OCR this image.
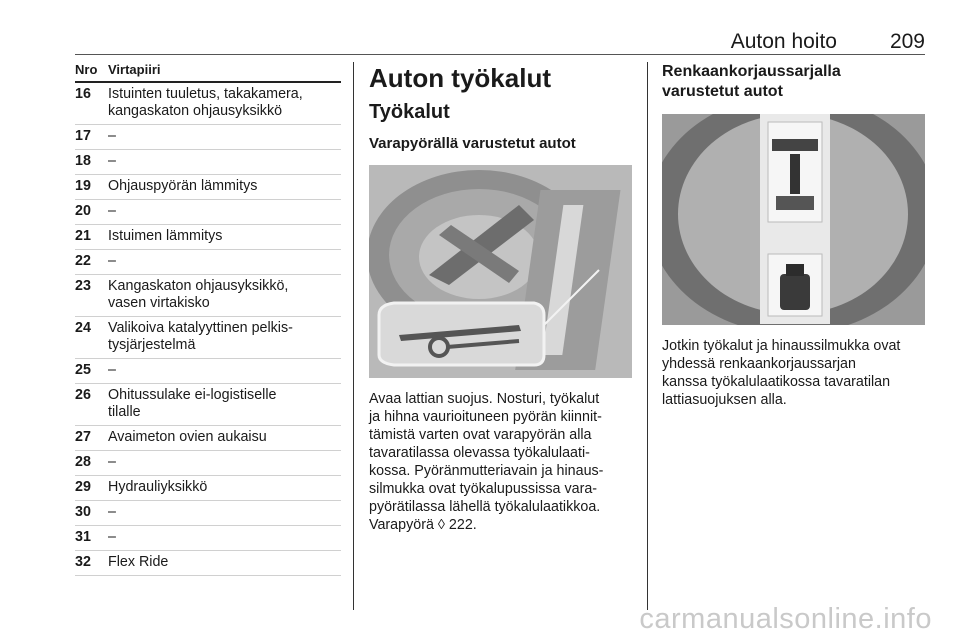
Auton hoito	209
Nro Virtapiiri
16	Istuinten tuuletus, takakamera,
kangaskaton ohjausyksikkö
17	–
18	–
19	Ohjauspyörän lämmitys
20	–
21	Istuimen lämmitys
22	–
23	Kangaskaton ohjausyksikkö,
vasen virtakisko
24	Valikoiva katalyyttinen pelkis-
tysjärjestelmä
25	–
26	Ohitussulake ei-logistiselle
tilalle
27	Avaimeton ovien aukaisu
28	–
29	Hydrauliyksikkö
30	–
31	–
32	Flex Ride
Auton työkalut
Työkalut
Varapyörällä varustetut autot
Avaa lattian suojus. Nosturi, työkalut
ja hihna vaurioituneen pyörän kiinnit-
tämistä varten ovat varapyörän alla
tavaratilassa olevassa työkalulaati-
kossa. Pyöränmutteriavain ja hinaus-
silmukka ovat työkalupussissa vara-
pyörätilassa lähellä työkalulaatikkoa.
Varapyörä ◊ 222.
Renkaankorjaussarjalla
varustetut autot
Jotkin työkalut ja hinaussilmukka ovat
yhdessä renkaankorjaussarjan
kanssa työkalulaatikossa tavaratilan
lattiasuojuksen alla.
carmanualsonline.info
